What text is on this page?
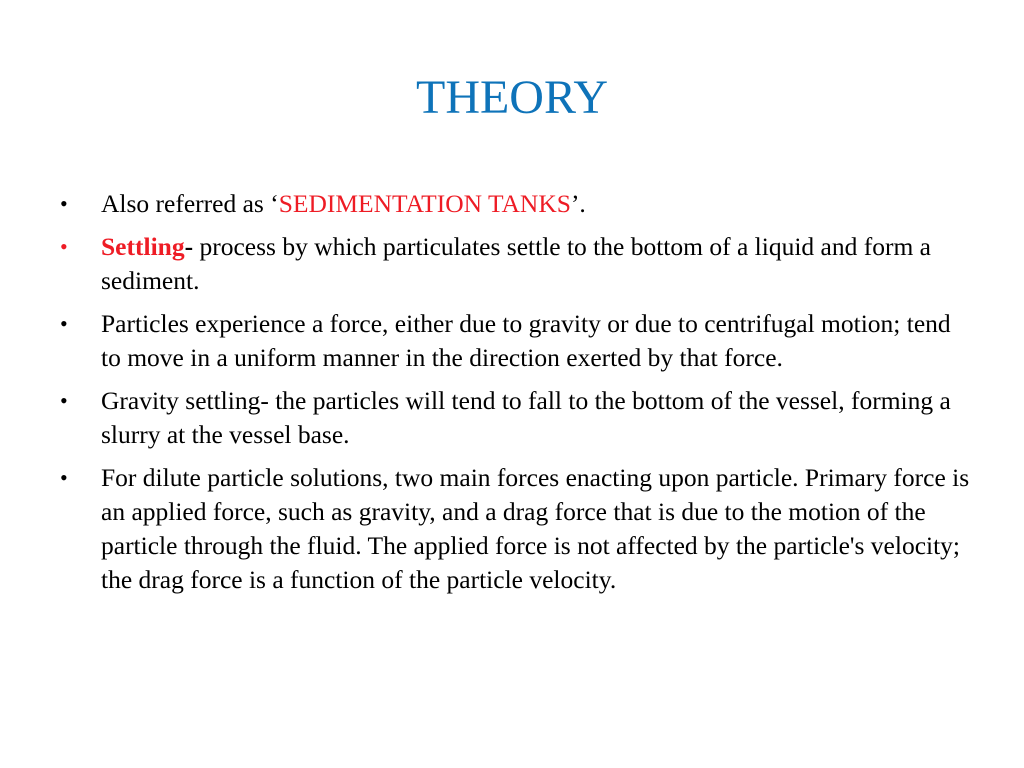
THEORY
• Also referred as ‘SEDIMENTATION TANKS’.
• Settling- process by which particulates settle to the bottom of a liquid and form a sediment.
• Particles experience a force, either due to gravity or due to centrifugal motion; tend to move in a uniform manner in the direction exerted by that force.
• Gravity settling- the particles will tend to fall to the bottom of the vessel, forming a slurry at the vessel base.
• For dilute particle solutions, two main forces enacting upon particle. Primary force is an applied force, such as gravity, and a drag force that is due to the motion of the particle through the fluid. The applied force is not affected by the particle's velocity; the drag force is a function of the particle velocity.
